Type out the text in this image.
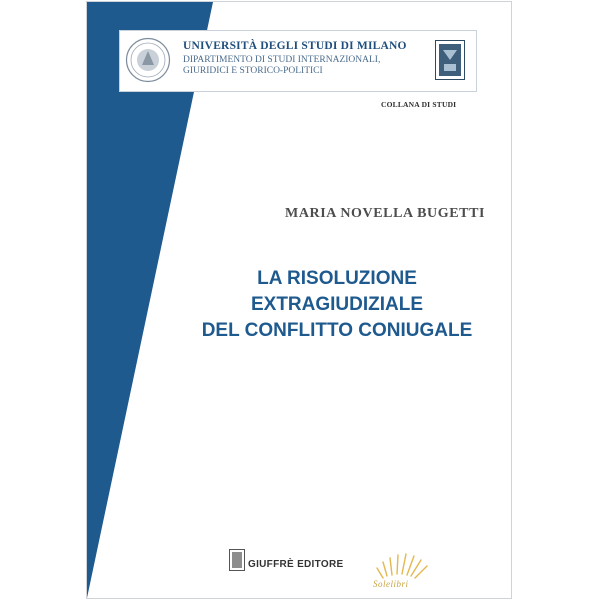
UNIVERSITÀ DEGLI STUDI DI MILANO
DIPARTIMENTO DI STUDI INTERNAZIONALI,
GIURIDICI E STORICO-POLITICI
COLLANA DI STUDI
MARIA NOVELLA BUGETTI
LA RISOLUZIONE
EXTRAGIUDIZIALE
DEL CONFLITTO CONIUGALE
GIUFFRÈ EDITORE
Solelibri
